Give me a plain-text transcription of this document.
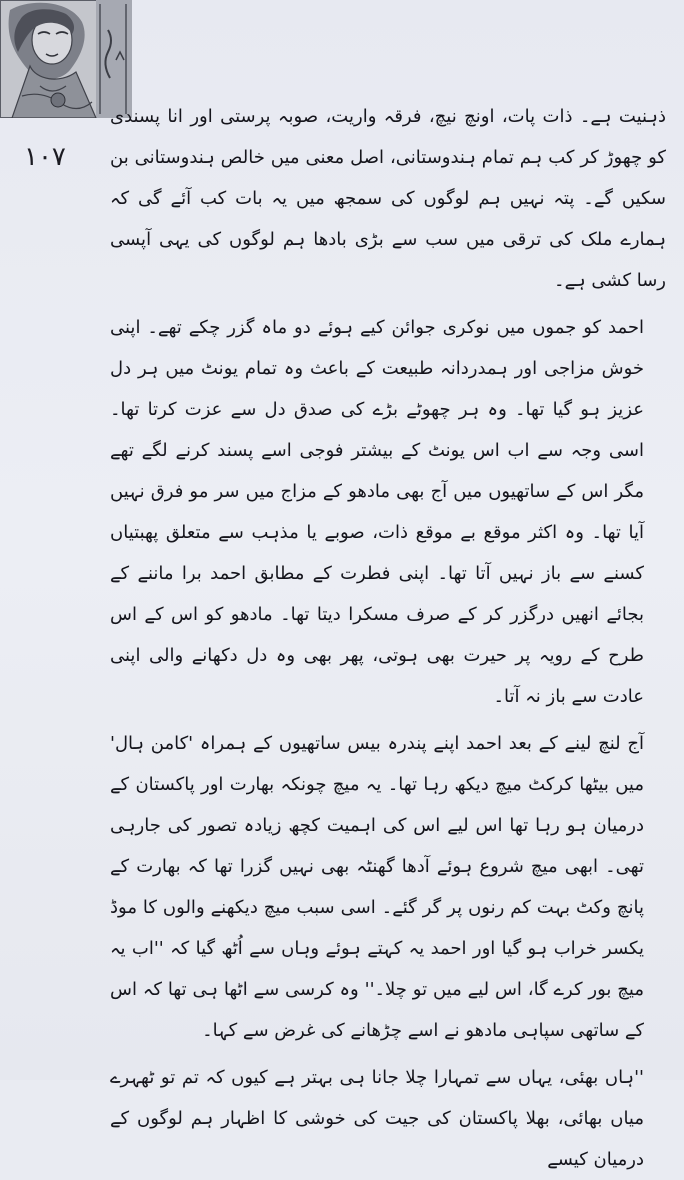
۱۰۷

ذہنیت ہے۔ ذات پات، اونچ نیچ، فرقہ واریت، صوبہ پرستی اور انا پسندی کو چھوڑ کر کب ہم تمام ہندوستانی، اصل معنی میں خالص ہندوستانی بن سکیں گے۔ پتہ نہیں ہم لوگوں کی سمجھ میں یہ بات کب آئے گی کہ ہمارے ملک کی ترقی میں سب سے بڑی بادھا ہم لوگوں کی یہی آپسی رسا کشی ہے۔

احمد کو جموں میں نوکری جوائن کیے ہوئے دو ماہ گزر چکے تھے۔ اپنی خوش مزاجی اور ہمدردانہ طبیعت کے باعث وہ تمام یونٹ میں ہر دل عزیز ہو گیا تھا۔ وہ ہر چھوٹے بڑے کی صدق دل سے عزت کرتا تھا۔ اسی وجہ سے اب اس یونٹ کے بیشتر فوجی اسے پسند کرنے لگے تھے مگر اس کے ساتھیوں میں آج بھی مادھو کے مزاج میں سر مو فرق نہیں آیا تھا۔ وہ اکثر موقع بے موقع ذات، صوبے یا مذہب سے متعلق پھبتیاں کسنے سے باز نہیں آتا تھا۔ اپنی فطرت کے مطابق احمد برا ماننے کے بجائے انھیں درگزر کر کے صرف مسکرا دیتا تھا۔ مادھو کو اس کے اس طرح کے رویہ پر حیرت بھی ہوتی، پھر بھی وہ دل دکھانے والی اپنی عادت سے باز نہ آتا۔

آج لنچ لینے کے بعد احمد اپنے پندرہ بیس ساتھیوں کے ہمراہ 'کامن ہال' میں بیٹھا کرکٹ میچ دیکھ رہا تھا۔ یہ میچ چونکہ بھارت اور پاکستان کے درمیان ہو رہا تھا اس لیے اس کی اہمیت کچھ زیادہ تصور کی جارہی تھی۔ ابھی میچ شروع ہوئے آدھا گھنٹہ بھی نہیں گزرا تھا کہ بھارت کے پانچ وکٹ بہت کم رنوں پر گر گئے۔ اسی سبب میچ دیکھنے والوں کا موڈ یکسر خراب ہو گیا اور احمد یہ کہتے ہوئے وہاں سے اُٹھ گیا کہ ''اب یہ میچ بور کرے گا، اس لیے میں تو چلا۔'' وہ کرسی سے اٹھا ہی تھا کہ اس کے ساتھی سپاہی مادھو نے اسے چڑھانے کی غرض سے کہا۔

''ہاں بھئی، یہاں سے تمہارا چلا جانا ہی بہتر ہے کیوں کہ تم تو ٹھہرے میاں بھائی، بھلا پاکستان کی جیت کی خوشی کا اظہار ہم لوگوں کے درمیان کیسے
